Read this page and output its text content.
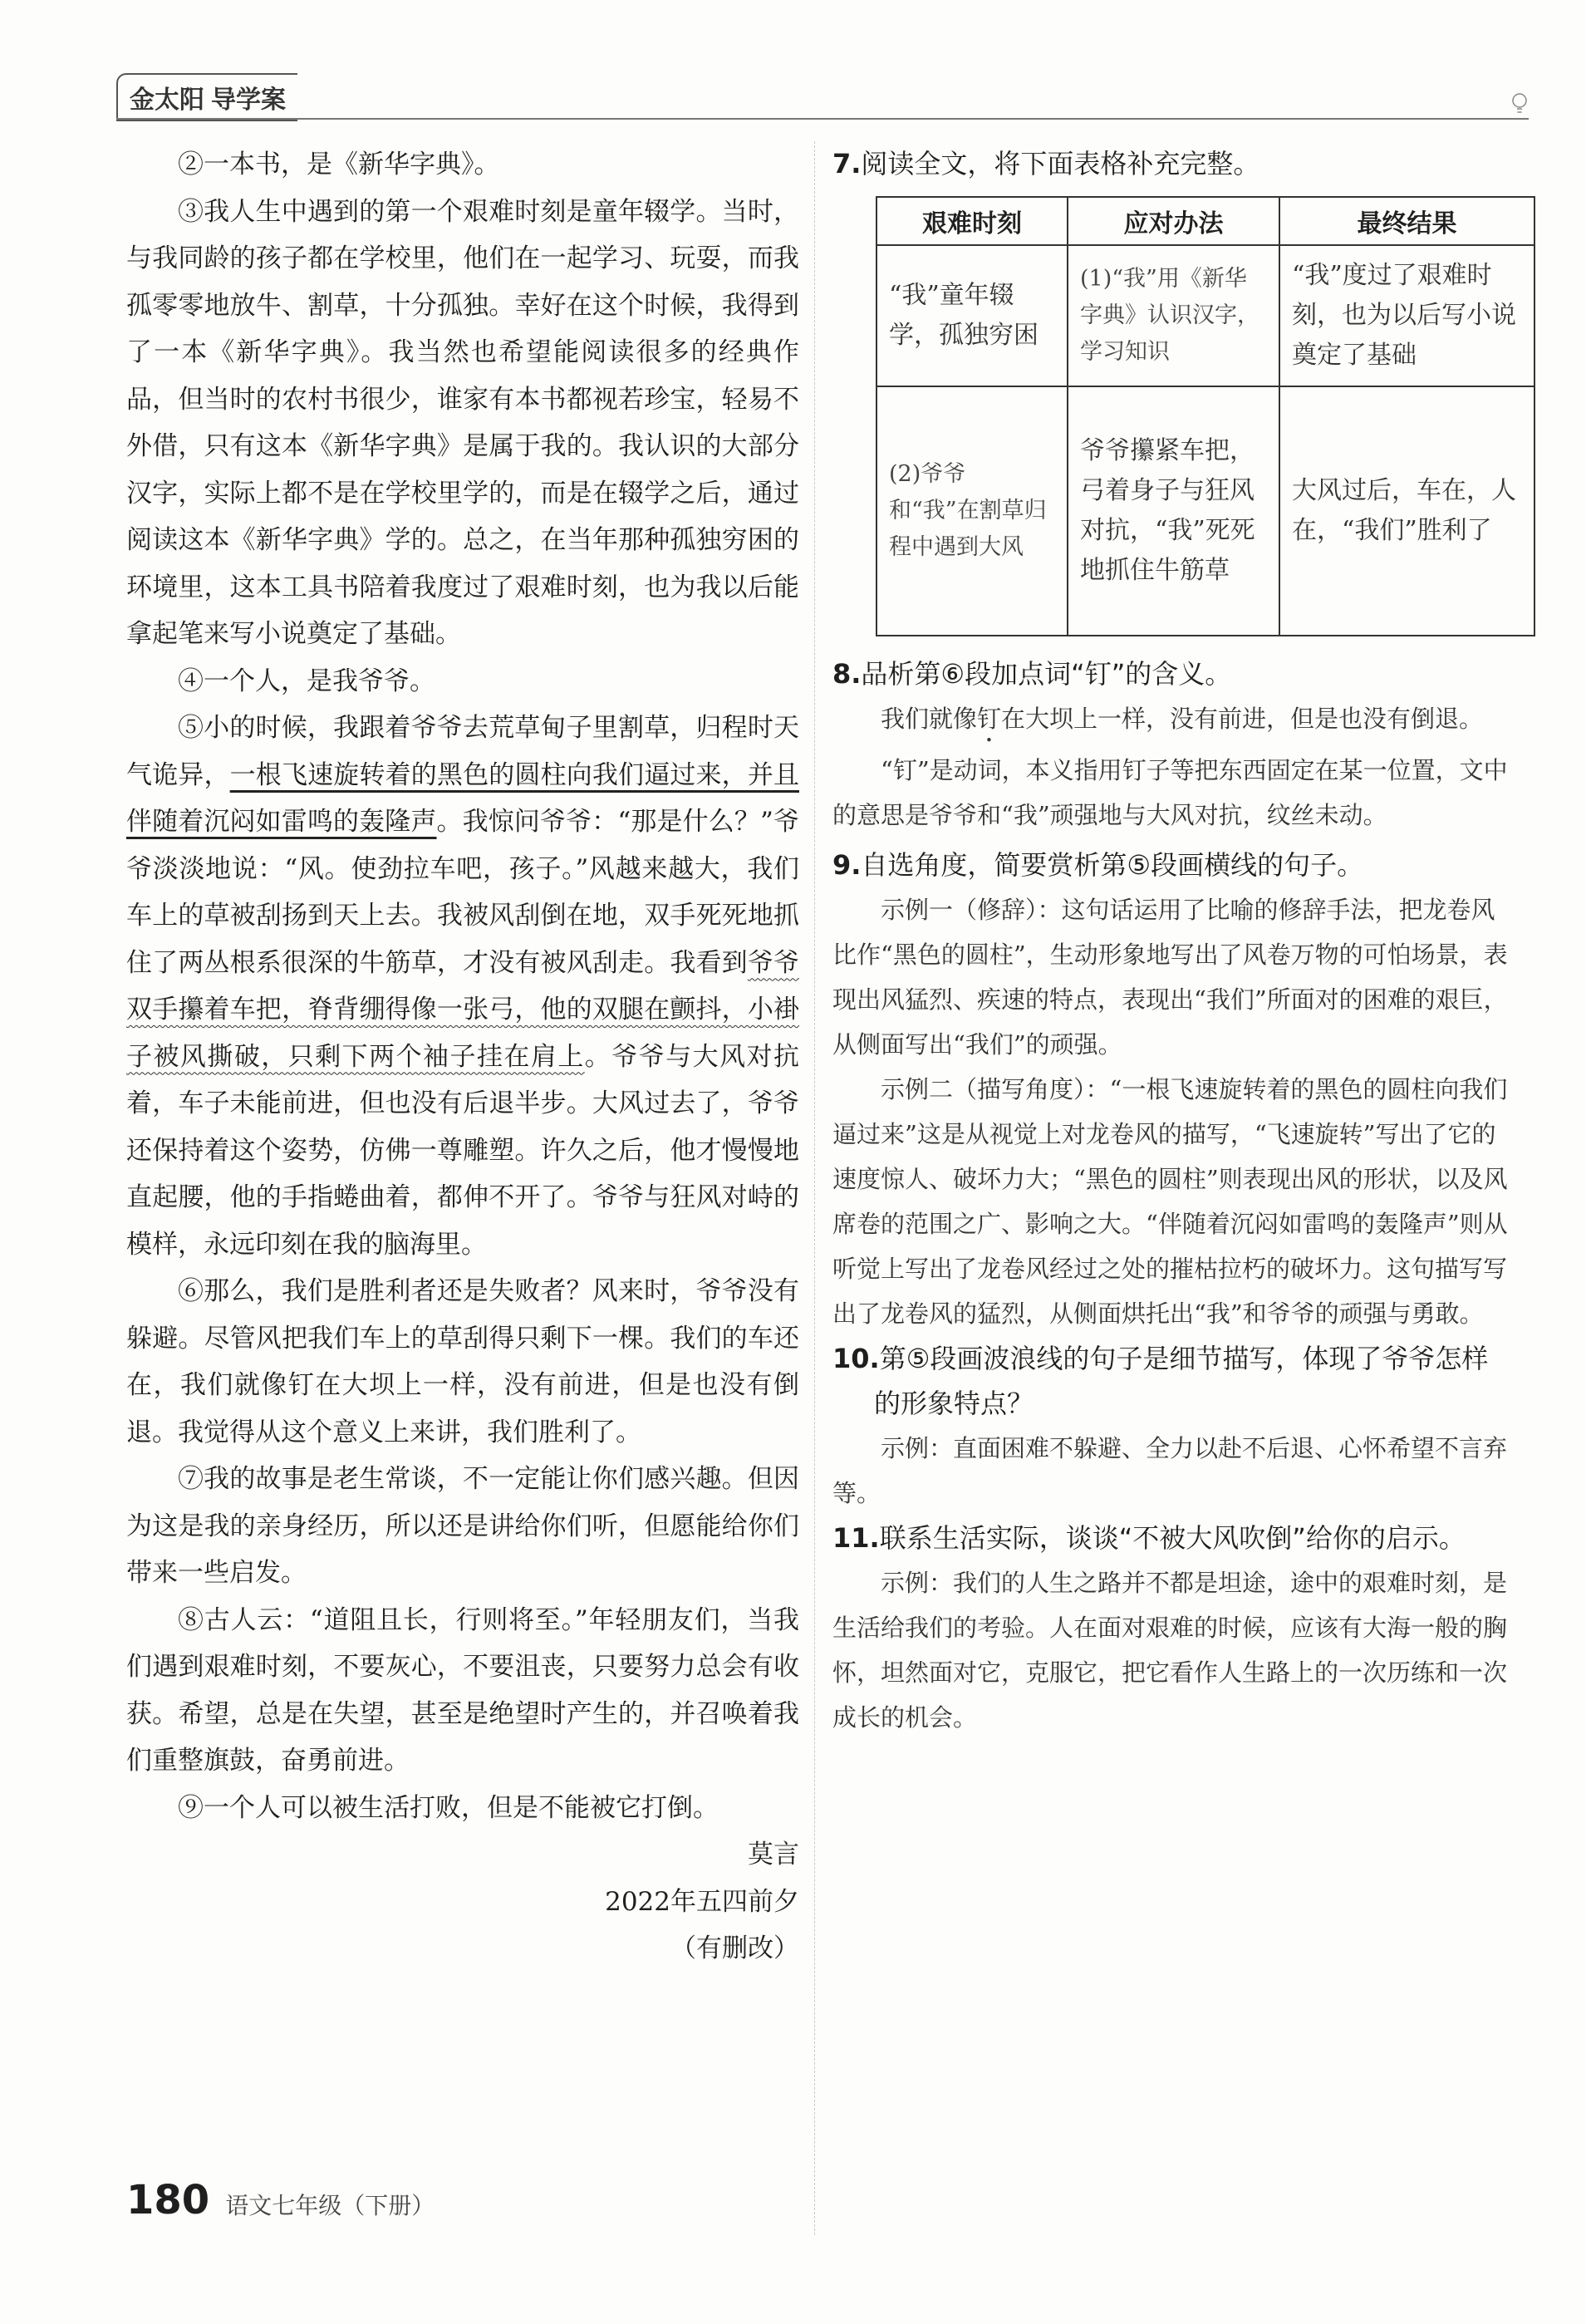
金太阳 导学案

②一本书，是《新华字典》。

③我人生中遇到的第一个艰难时刻是童年辍学。当时，与我同龄的孩子都在学校里，他们在一起学习、玩耍，而我孤零零地放牛、割草，十分孤独。幸好在这个时候，我得到了一本《新华字典》。我当然也希望能阅读很多的经典作品，但当时的农村书很少，谁家有本书都视若珍宝，轻易不外借，只有这本《新华字典》是属于我的。我认识的大部分汉字，实际上都不是在学校里学的，而是在辍学之后，通过阅读这本《新华字典》学的。总之，在当年那种孤独穷困的环境里，这本工具书陪着我度过了艰难时刻，也为我以后能拿起笔来写小说奠定了基础。

④一个人，是我爷爷。

⑤小的时候，我跟着爷爷去荒草甸子里割草，归程时天气诡异，一根飞速旋转着的黑色的圆柱向我们逼过来，并且伴随着沉闷如雷鸣的轰隆声。我惊问爷爷：“那是什么？”爷爷淡淡地说：“风。使劲拉车吧，孩子。”风越来越大，我们车上的草被刮扬到天上去。我被风刮倒在地，双手死死地抓住了两丛根系很深的牛筋草，才没有被风刮走。我看到爷爷双手攥着车把，脊背绷得像一张弓，他的双腿在颤抖，小褂子被风撕破，只剩下两个袖子挂在肩上。爷爷与大风对抗着，车子未能前进，但也没有后退半步。大风过去了，爷爷还保持着这个姿势，仿佛一尊雕塑。许久之后，他才慢慢地直起腰，他的手指蜷曲着，都伸不开了。爷爷与狂风对峙的模样，永远印刻在我的脑海里。

⑥那么，我们是胜利者还是失败者？风来时，爷爷没有躲避。尽管风把我们车上的草刮得只剩下一棵。我们的车还在，我们就像钉在大坝上一样，没有前进，但是也没有倒退。我觉得从这个意义上来讲，我们胜利了。

⑦我的故事是老生常谈，不一定能让你们感兴趣。但因为这是我的亲身经历，所以还是讲给你们听，但愿能给你们带来一些启发。

⑧古人云：“道阻且长，行则将至。”年轻朋友们，当我们遇到艰难时刻，不要灰心，不要沮丧，只要努力总会有收获。希望，总是在失望，甚至是绝望时产生的，并召唤着我们重整旗鼓，奋勇前进。

⑨一个人可以被生活打败，但是不能被它打倒。

莫言

2022年五四前夕

（有删改）

7.阅读全文，将下面表格补充完整。

艰难时刻	应对办法	最终结果
“我”童年辍学，孤独穷困	(1)“我”用《新华字典》认识汉字，学习知识	“我”度过了艰难时刻，也为以后写小说奠定了基础
(2)爷爷和“我”在割草归程中遇到大风	爷爷攥紧车把，弓着身子与狂风对抗，“我”死死地抓住牛筋草	大风过后，车在，人在，“我们”胜利了

8.品析第⑥段加点词“钉”的含义。

我们就像钉在大坝上一样，没有前进，但是也没有倒退。

“钉”是动词，本义指用钉子等把东西固定在某一位置，文中的意思是爷爷和“我”顽强地与大风对抗，纹丝未动。

9.自选角度，简要赏析第⑤段画横线的句子。

示例一（修辞）：这句话运用了比喻的修辞手法，把龙卷风比作“黑色的圆柱”，生动形象地写出了风卷万物的可怕场景，表现出风猛烈、疾速的特点，表现出“我们”所面对的困难的艰巨，从侧面写出“我们”的顽强。

示例二（描写角度）：“一根飞速旋转着的黑色的圆柱向我们逼过来”这是从视觉上对龙卷风的描写，“飞速旋转”写出了它的速度惊人、破坏力大；“黑色的圆柱”则表现出风的形状，以及风席卷的范围之广、影响之大。“伴随着沉闷如雷鸣的轰隆声”则从听觉上写出了龙卷风经过之处的摧枯拉朽的破坏力。这句描写写出了龙卷风的猛烈，从侧面烘托出“我”和爷爷的顽强与勇敢。

10.第⑤段画波浪线的句子是细节描写，体现了爷爷怎样的形象特点？

示例：直面困难不躲避、全力以赴不后退、心怀希望不言弃等。

11.联系生活实际，谈谈“不被大风吹倒”给你的启示。

示例：我们的人生之路并不都是坦途，途中的艰难时刻，是生活给我们的考验。人在面对艰难的时候，应该有大海一般的胸怀，坦然面对它，克服它，把它看作人生路上的一次历练和一次成长的机会。

180 语文七年级（下册）
